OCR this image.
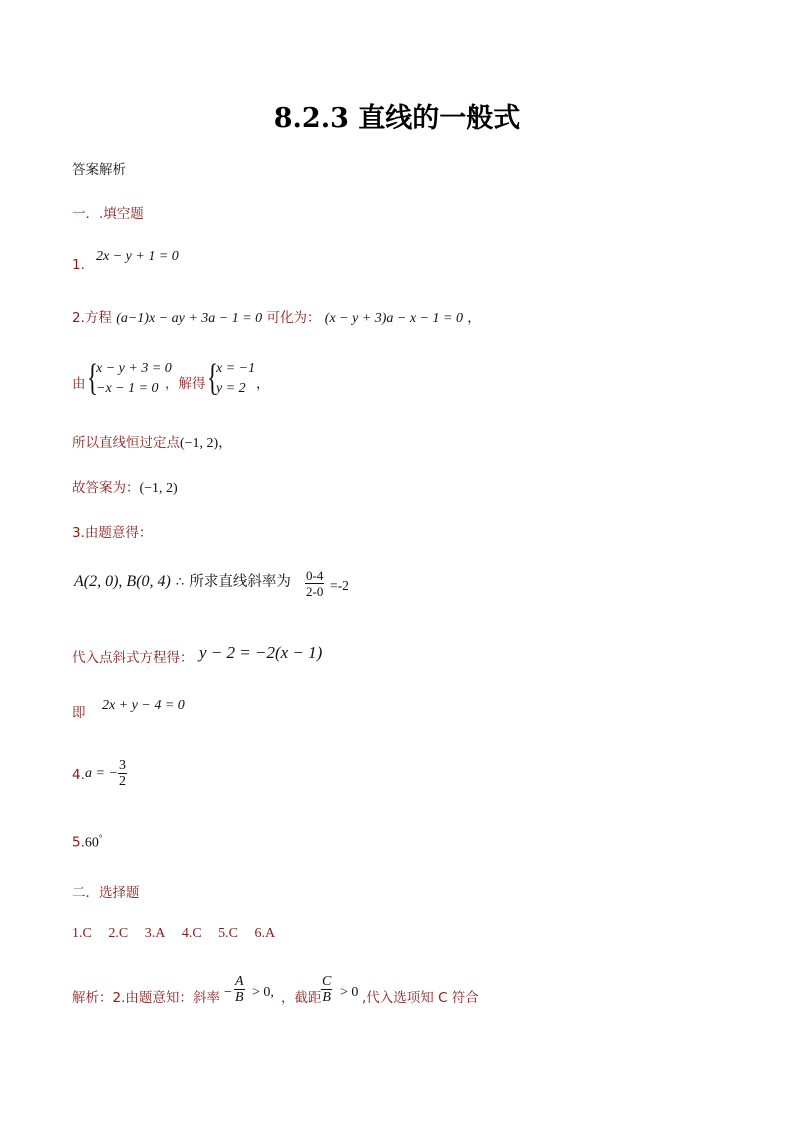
8.2.3 直线的一般式
答案解析
一．.填空题
1.
2x − y + 1 = 0
2.方程 (a−1)x − ay + 3a − 1 = 0 可化为： (x − y + 3)a − x − 1 = 0 ，
由 {
x − y + 3 = 0
−x − 1 = 0 ，解得 {
x = −1
y = 2 ，
所以直线恒过定点(−1, 2)，
故答案为：(−1, 2)
3.由题意得：
A(2, 0), B(0, 4) ∴ 所求直线斜率为 $\frac{0-4}{2-0} =-2$
代入点斜式方程得： y − 2 = −2(x − 1)
即 2x + y − 4 = 0
4. a = − $\frac{3}{2}$
5.60°
二．选择题
1.C 2.C 3.A 4.C 5.C 6.A
解析：2.由题意知：斜率 − $\frac{A}{B} > 0$, ，截距 $\frac{C}{B} > 0$ ,代入选项知 C 符合
